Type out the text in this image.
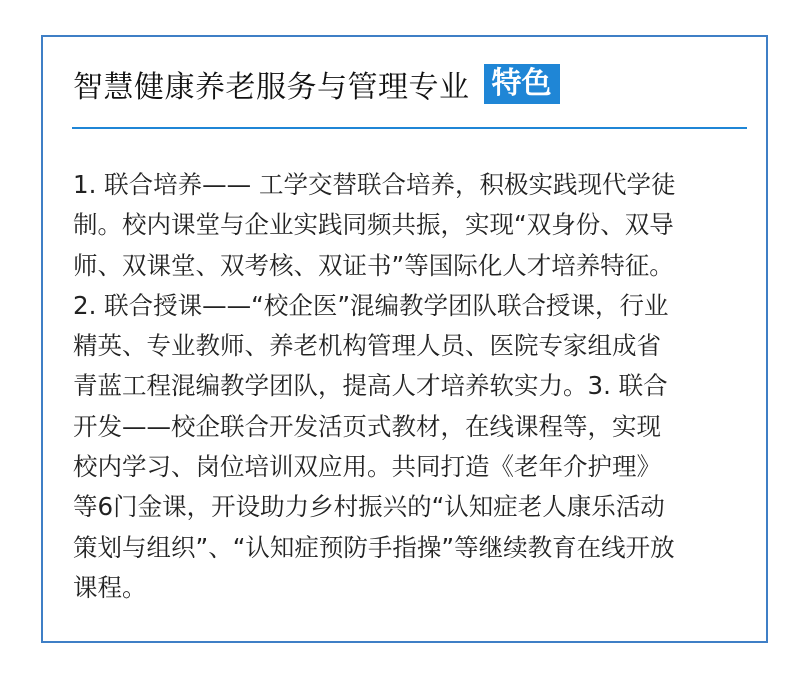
智慧健康养老服务与管理专业 特色
1. 联合培养—— 工学交替联合培养，积极实践现代学徒
制。校内课堂与企业实践同频共振，实现“双身份、双导
师、双课堂、双考核、双证书”等国际化人才培养特征。
2. 联合授课——“校企医”混编教学团队联合授课，行业
精英、专业教师、养老机构管理人员、医院专家组成省
青蓝工程混编教学团队，提高人才培养软实力。3. 联合
开发——校企联合开发活页式教材，在线课程等，实现
校内学习、岗位培训双应用。共同打造《老年介护理》
等6门金课，开设助力乡村振兴的“认知症老人康乐活动
策划与组织”、“认知症预防手指操”等继续教育在线开放
课程。
